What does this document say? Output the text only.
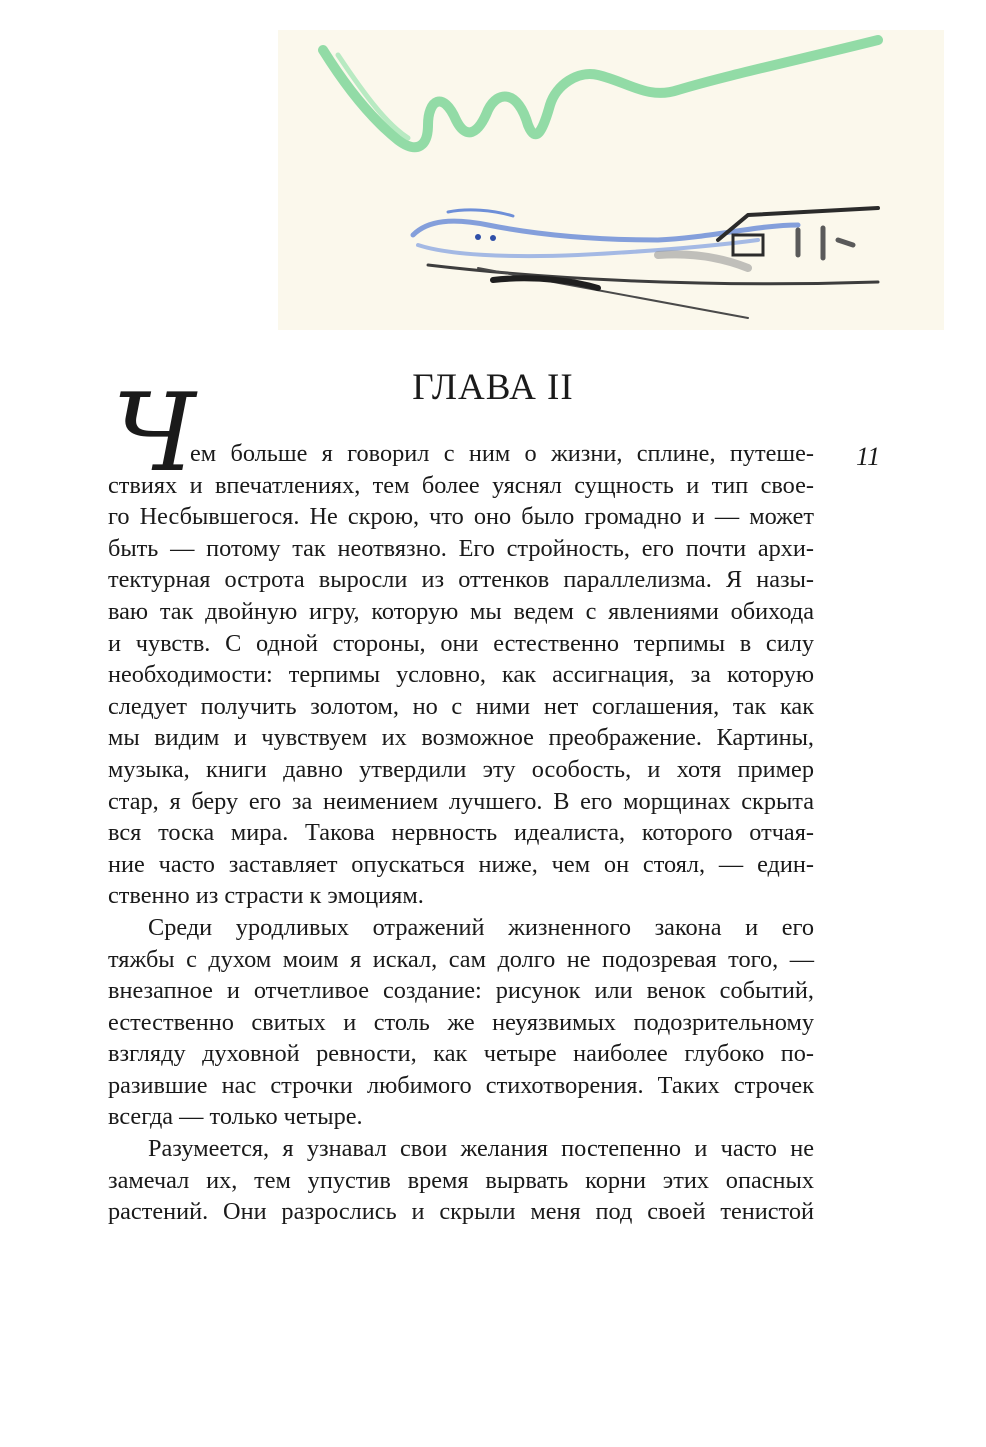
ГЛАВА II
Ч	11
ем больше я говорил с ним о жизни, сплине, путеше-
ствиях и впечатлениях, тем более уяснял сущность и тип свое-
го Несбывшегося. Не скрою, что оно было громадно и — может
быть — потому так неотвязно. Его стройность, его почти архи-
тектурная острота выросли из оттенков параллелизма. Я назы-
ваю так двойную игру, которую мы ведем с явлениями обихода
и чувств. С одной стороны, они естественно терпимы в силу
необходимости: терпимы условно, как ассигнация, за которую
следует получить золотом, но с ними нет соглашения, так как
мы видим и чувствуем их возможное преображение. Картины,
музыка, книги давно утвердили эту особость, и хотя пример
стар, я беру его за неимением лучшего. В его морщинах скрыта
вся тоска мира. Такова нервность идеалиста, которого отчая-
ние часто заставляет опускаться ниже, чем он стоял, — един-
ственно из страсти к эмоциям.
Среди уродливых отражений жизненного закона и его
тяжбы с духом моим я искал, сам долго не подозревая того, —
внезапное и отчетливое создание: рисунок или венок событий,
естественно свитых и столь же неуязвимых подозрительному
взгляду духовной ревности, как четыре наиболее глубоко по-
разившие нас строчки любимого стихотворения. Таких строчек
всегда — только четыре.
Разумеется, я узнавал свои желания постепенно и часто не
замечал их, тем упустив время вырвать корни этих опасных
растений. Они разрослись и скрыли меня под своей тенистой
